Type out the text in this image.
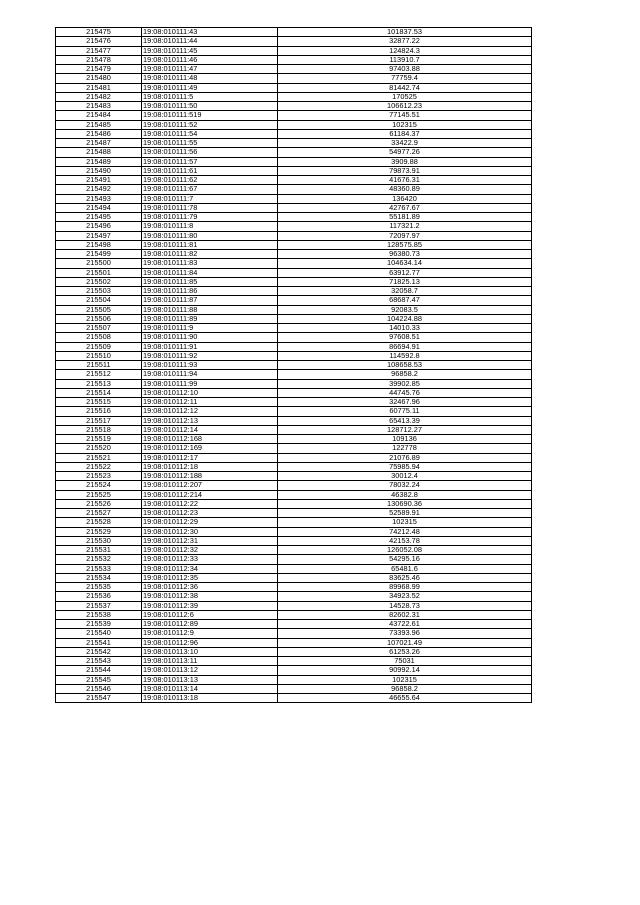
215475	19:08:010111:43	101837.53
215476	19:08:010111:44	32877.22
215477	19:08:010111:45	124824.3
215478	19:08:010111:46	113910.7
215479	19:08:010111:47	97403.88
215480	19:08:010111:48	77759.4
215481	19:08:010111:49	81442.74
215482	19:08:010111:5	170525
215483	19:08:010111:50	106612.23
215484	19:08:010111:519	77145.51
215485	19:08:010111:52	102315
215486	19:08:010111:54	61184.37
215487	19:08:010111:55	33422.9
215488	19:08:010111:56	54977.26
215489	19:08:010111:57	3909.88
215490	19:08:010111:61	79873.91
215491	19:08:010111:62	41676.31
215492	19:08:010111:67	48360.89
215493	19:08:010111:7	136420
215494	19:08:010111:78	42767.67
215495	19:08:010111:79	55181.89
215496	19:08:010111:8	117321.2
215497	19:08:010111:80	72097.97
215498	19:08:010111:81	128575.85
215499	19:08:010111:82	96380.73
215500	19:08:010111:83	104634.14
215501	19:08:010111:84	63912.77
215502	19:08:010111:85	71825.13
215503	19:08:010111:86	32058.7
215504	19:08:010111:87	68687.47
215505	19:08:010111:88	92083.5
215506	19:08:010111:89	104224.88
215507	19:08:010111:9	14010.33
215508	19:08:010111:90	97608.51
215509	19:08:010111:91	86694.91
215510	19:08:010111:92	114592.8
215511	19:08:010111:93	108658.53
215512	19:08:010111:94	96858.2
215513	19:08:010111:99	39902.85
215514	19:08:010112:10	44745.76
215515	19:08:010112:11	32467.96
215516	19:08:010112:12	60775.11
215517	19:08:010112:13	65413.39
215518	19:08:010112:14	128712.27
215519	19:08:010112:168	109136
215520	19:08:010112:169	122778
215521	19:08:010112:17	21076.89
215522	19:08:010112:18	75985.94
215523	19:08:010112:188	30012.4
215524	19:08:010112:207	78032.24
215525	19:08:010112:214	46382.8
215526	19:08:010112:22	130690.36
215527	19:08:010112:23	52589.91
215528	19:08:010112:29	102315
215529	19:08:010112:30	74212.48
215530	19:08:010112:31	42153.78
215531	19:08:010112:32	126052.08
215532	19:08:010112:33	54295.16
215533	19:08:010112:34	65481.6
215534	19:08:010112:35	83625.46
215535	19:08:010112:36	89968.99
215536	19:08:010112:38	34923.52
215537	19:08:010112:39	14528.73
215538	19:08:010112:6	82602.31
215539	19:08:010112:89	43722.61
215540	19:08:010112:9	73393.96
215541	19:08:010112:96	107021.49
215542	19:08:010113:10	61253.26
215543	19:08:010113:11	75031
215544	19:08:010113:12	90992.14
215545	19:08:010113:13	102315
215546	19:08:010113:14	96858.2
215547	19:08:010113:18	46655.64
